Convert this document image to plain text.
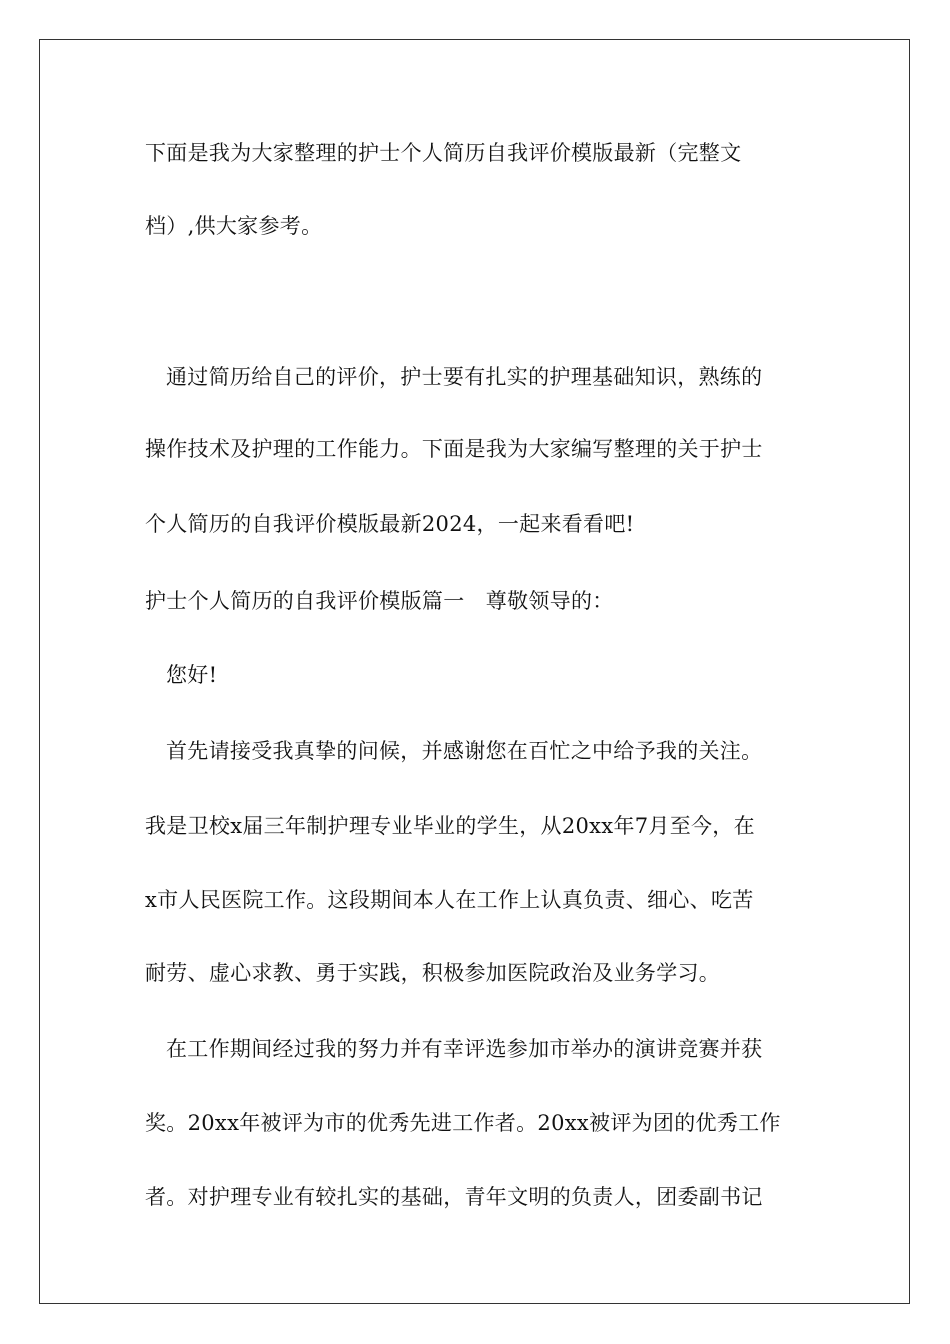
下面是我为大家整理的护士个人简历自我评价模版最新（完整文
档）,供大家参考。
通过简历给自己的评价，护士要有扎实的护理基础知识，熟练的
操作技术及护理的工作能力。下面是我为大家编写整理的关于护士
个人简历的自我评价模版最新2024，一起来看看吧!
护士个人简历的自我评价模版篇一　尊敬领导的：
您好!
首先请接受我真挚的问候，并感谢您在百忙之中给予我的关注。
我是卫校x届三年制护理专业毕业的学生，从20xx年7月至今，在
x市人民医院工作。这段期间本人在工作上认真负责、细心、吃苦
耐劳、虚心求教、勇于实践，积极参加医院政治及业务学习。
在工作期间经过我的努力并有幸评选参加市举办的演讲竞赛并获
奖。20xx年被评为市的优秀先进工作者。20xx被评为团的优秀工作
者。对护理专业有较扎实的基础，青年文明的负责人，团委副书记
